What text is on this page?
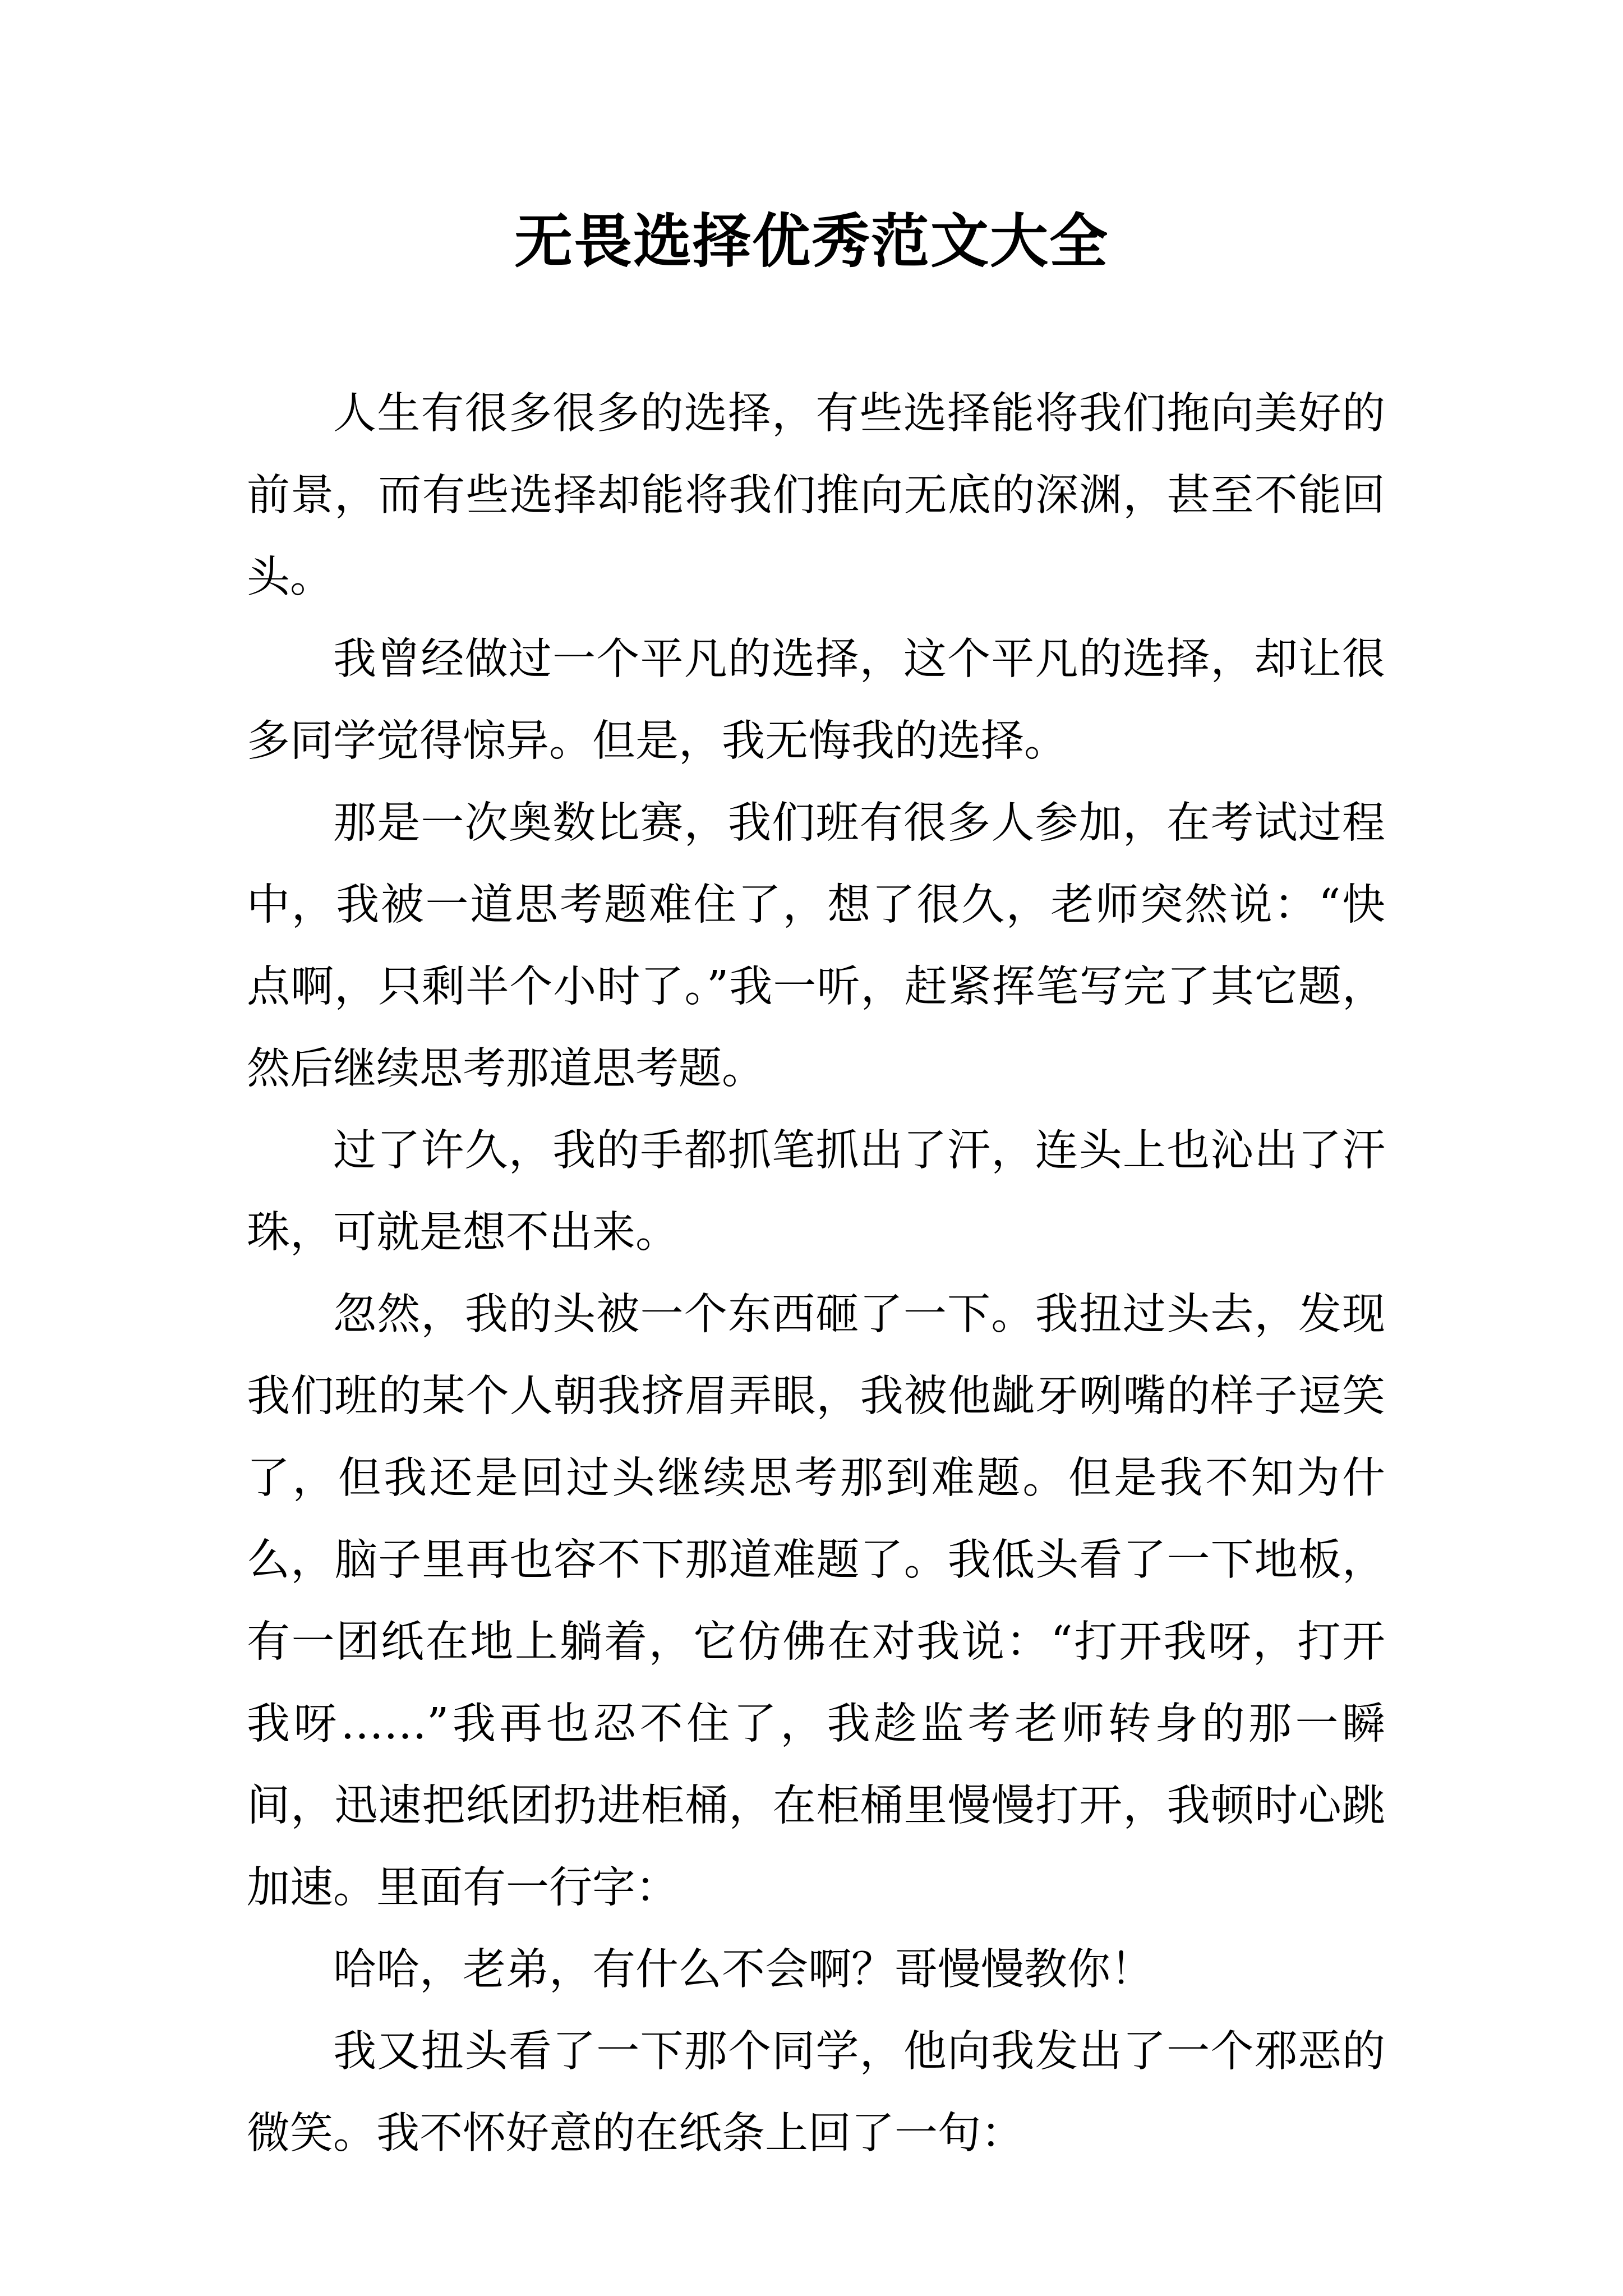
无畏选择优秀范文大全

人生有很多很多的选择，有些选择能将我们拖向美好的前景，而有些选择却能将我们推向无底的深渊，甚至不能回头。

我曾经做过一个平凡的选择，这个平凡的选择，却让很多同学觉得惊异。但是，我无悔我的选择。

那是一次奥数比赛，我们班有很多人参加，在考试过程中，我被一道思考题难住了，想了很久，老师突然说：“快点啊，只剩半个小时了。”我一听，赶紧挥笔写完了其它题，然后继续思考那道思考题。

过了许久，我的手都抓笔抓出了汗，连头上也沁出了汗珠，可就是想不出来。

忽然，我的头被一个东西砸了一下。我扭过头去，发现我们班的某个人朝我挤眉弄眼，我被他龇牙咧嘴的样子逗笑了，但我还是回过头继续思考那到难题。但是我不知为什么，脑子里再也容不下那道难题了。我低头看了一下地板，有一团纸在地上躺着，它仿佛在对我说：“打开我呀，打开我呀……”我再也忍不住了，我趁监考老师转身的那一瞬间，迅速把纸团扔进柜桶，在柜桶里慢慢打开，我顿时心跳加速。里面有一行字：

哈哈，老弟，有什么不会啊？哥慢慢教你！

我又扭头看了一下那个同学，他向我发出了一个邪恶的微笑。我不怀好意的在纸条上回了一句：
